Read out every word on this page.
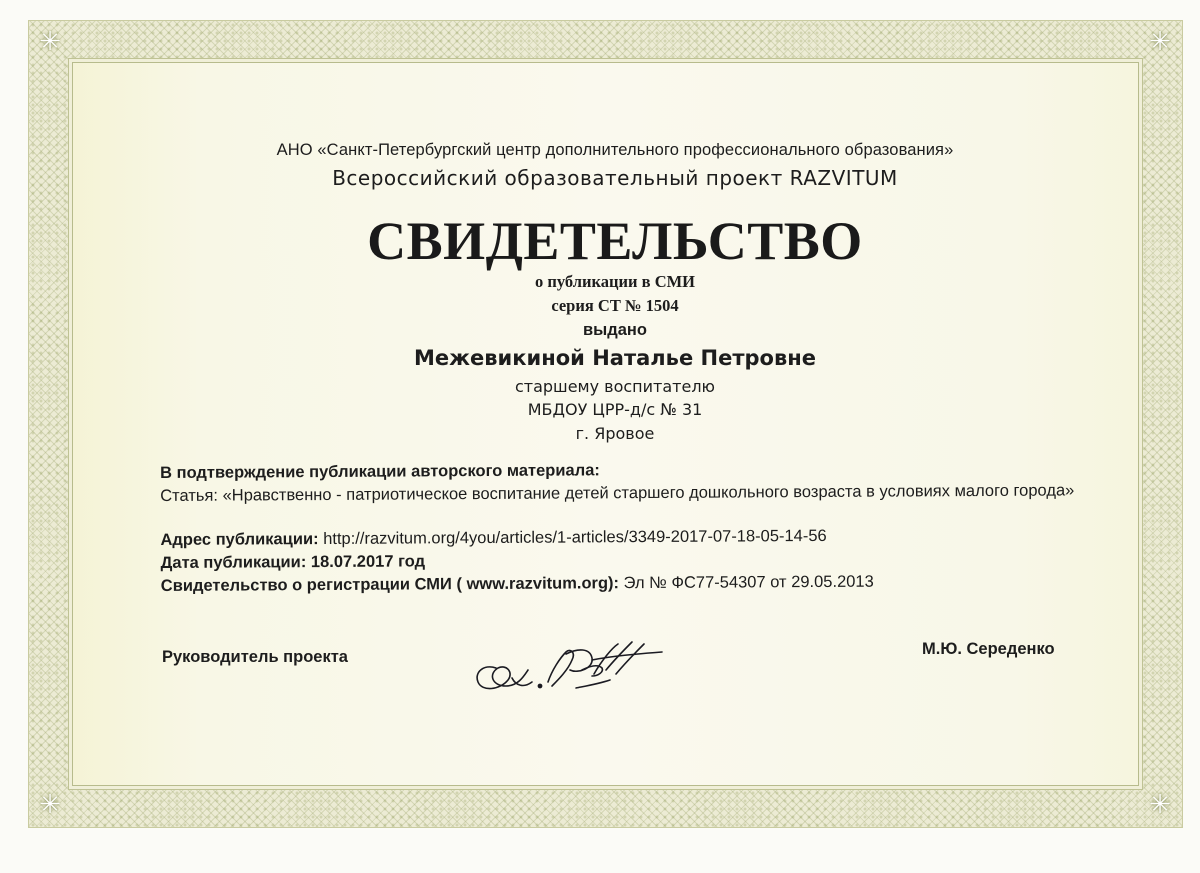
✳	✳
✳	✳
АНО «Санкт-Петербургский центр дополнительного профессионального образования»
Всероссийский образовательный проект RAZVITUM
СВИДЕТЕЛЬСТВО
о публикации в СМИ
серия СТ № 1504
выдано
Межевикиной Наталье Петровне
старшему воспитателю
МБДОУ ЦРР-д/с № 31
г. Яровое
В подтверждение публикации авторского материала:
Статья: «Нравственно - патриотическое воспитание детей старшего дошкольного возраста в условиях малого города»
Адрес публикации: http://razvitum.org/4you/articles/1-articles/3349-2017-07-18-05-14-56
Дата публикации: 18.07.2017 год
Свидетельство о регистрации СМИ ( www.razvitum.org): Эл № ФС77-54307 от 29.05.2013
Руководитель проекта	М.Ю. Середенко
